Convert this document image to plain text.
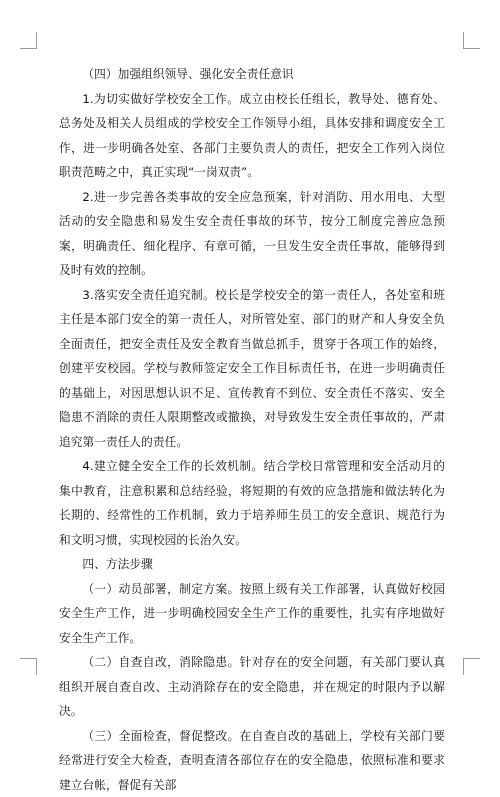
（四）加强组织领导、强化安全责任意识

1.为切实做好学校安全工作。成立由校长任组长，教导处、德育处、总务处及相关人员组成的学校安全工作领导小组，具体安排和调度安全工作，进一步明确各处室、各部门主要负责人的责任，把安全工作列入岗位职责范畴之中，真正实现“一岗双责”。

2.进一步完善各类事故的安全应急预案，针对消防、用水用电、大型活动的安全隐患和易发生安全责任事故的环节，按分工制度完善应急预案，明确责任、细化程序、有章可循，一旦发生安全责任事故，能够得到及时有效的控制。

3.落实安全责任追究制。校长是学校安全的第一责任人，各处室和班主任是本部门安全的第一责任人，对所管处室、部门的财产和人身安全负全面责任，把安全责任及安全教育当做总抓手，贯穿于各项工作的始终，创建平安校园。学校与教师签定安全工作目标责任书，在进一步明确责任的基础上，对因思想认识不足、宣传教育不到位、安全责任不落实、安全隐患不消除的责任人限期整改或撤换，对导致发生安全责任事故的，严肃追究第一责任人的责任。

4.建立健全安全工作的长效机制。结合学校日常管理和安全活动月的集中教育，注意积累和总结经验，将短期的有效的应急措施和做法转化为长期的、经常性的工作机制，致力于培养师生员工的安全意识、规范行为和文明习惯，实现校园的长治久安。

四、方法步骤

（一）动员部署，制定方案。按照上级有关工作部署，认真做好校园安全生产工作，进一步明确校园安全生产工作的重要性，扎实有序地做好安全生产工作。

（二）自查自改，消除隐患。针对存在的安全问题，有关部门要认真组织开展自查自改、主动消除存在的安全隐患，并在规定的时限内予以解决。

（三）全面检查，督促整改。在自查自改的基础上，学校有关部门要经常进行安全大检查，查明查清各部位存在的安全隐患，依照标准和要求建立台帐，督促有关部
